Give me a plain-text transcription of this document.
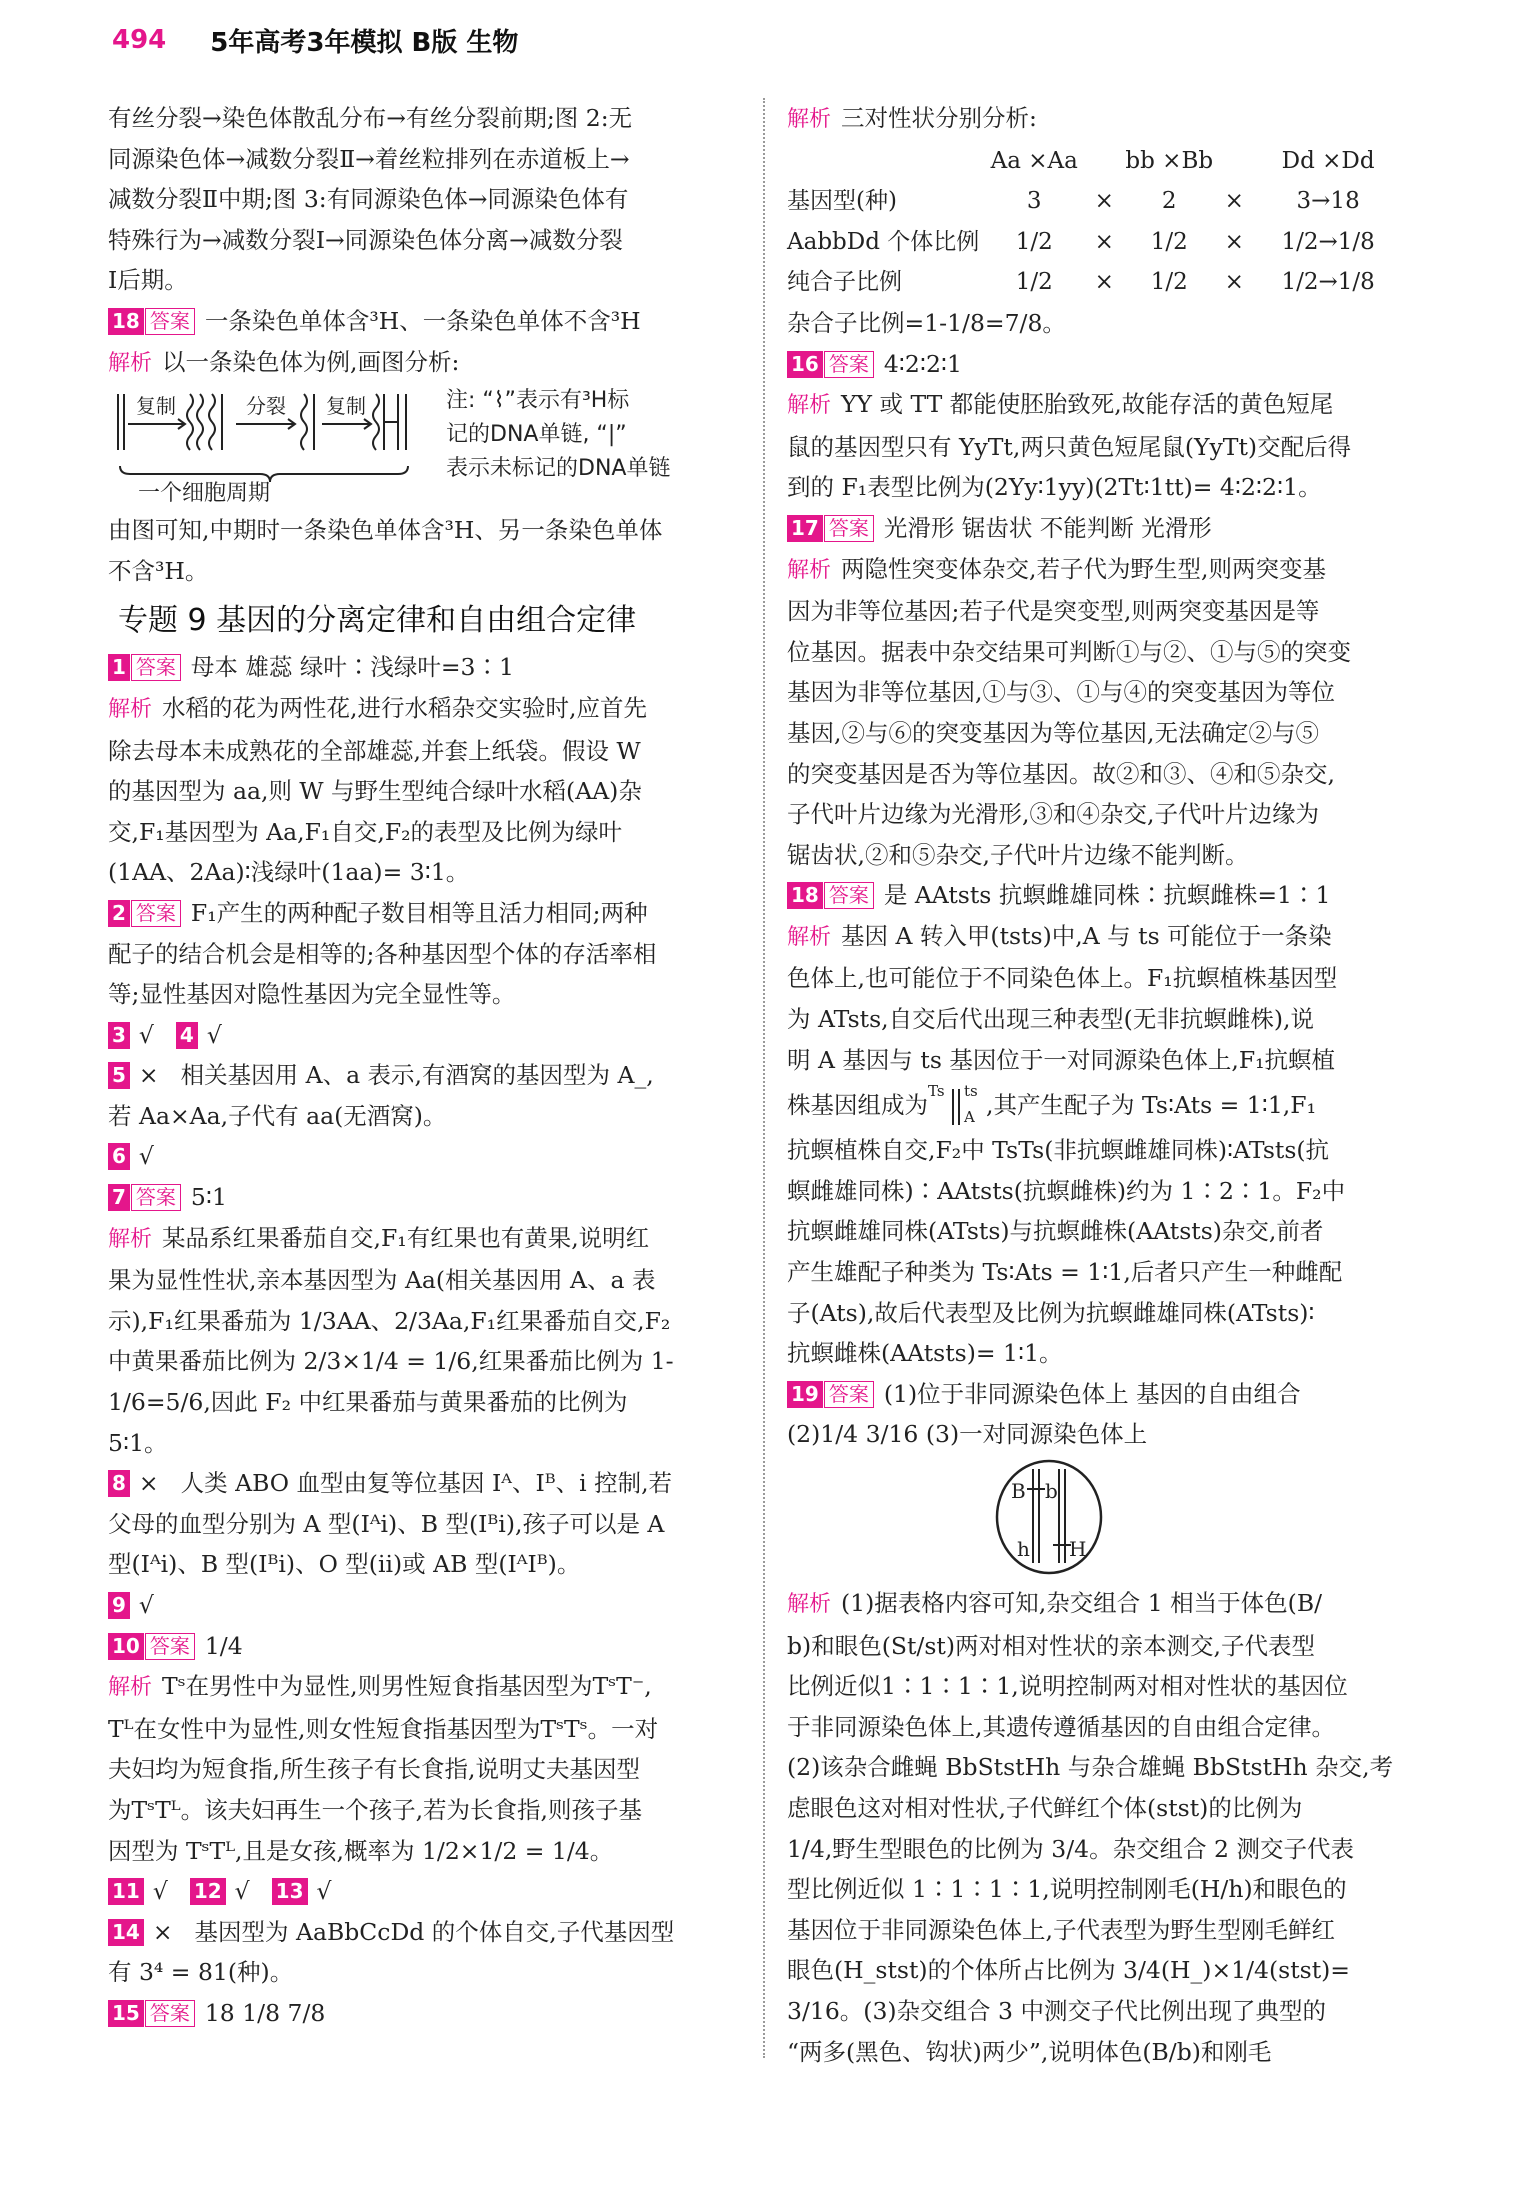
494 5年高考3年模拟 B版 生物

有丝分裂→染色体散乱分布→有丝分裂前期;图 2:无

同源染色体→减数分裂Ⅱ→着丝粒排列在赤道板上→

减数分裂Ⅱ中期;图 3:有同源染色体→同源染色体有

特殊行为→减数分裂Ⅰ→同源染色体分离→减数分裂

Ⅰ后期。

18 答案 一条染色单体含³H、一条染色单体不含³H

解析 以一条染色体为例,画图分析:

复制	分裂 复制	注: “⌇”表示有³H标
记的DNA单链, “|”
表示未标记的DNA单链
一个细胞周期

由图可知,中期时一条染色单体含³H、另一条染色单体

不含³H。

专题 9 基因的分离定律和自由组合定律

1 答案 母本 雄蕊 绿叶∶浅绿叶=3∶1

解析 水稻的花为两性花,进行水稻杂交实验时,应首先

除去母本未成熟花的全部雄蕊,并套上纸袋。假设 W

的基因型为 aa,则 W 与野生型纯合绿叶水稻(AA)杂

交,F₁基因型为 Aa,F₁自交,F₂的表型及比例为绿叶

(1AA、2Aa)∶浅绿叶(1aa)= 3∶1。

2 答案 F₁产生的两种配子数目相等且活力相同;两种

配子的结合机会是相等的;各种基因型个体的存活率相

等;显性基因对隐性基因为完全显性等。

3 √ 4 √

5 × 相关基因用 A、a 表示,有酒窝的基因型为 A_,

若 Aa×Aa,子代有 aa(无酒窝)。

6 √

7 答案 5∶1

解析 某品系红果番茄自交,F₁有红果也有黄果,说明红

果为显性性状,亲本基因型为 Aa(相关基因用 A、a 表

示),F₁红果番茄为 1/3AA、2/3Aa,F₁红果番茄自交,F₂

中黄果番茄比例为 2/3×1/4 = 1/6,红果番茄比例为 1-

1/6=5/6,因此 F₂ 中红果番茄与黄果番茄的比例为

5∶1。

8 × 人类 ABO 血型由复等位基因 Iᴬ、Iᴮ、i 控制,若

父母的血型分别为 A 型(Iᴬi)、B 型(Iᴮi),孩子可以是 A

型(Iᴬi)、B 型(Iᴮi)、O 型(ii)或 AB 型(IᴬIᴮ)。

9 √

10 答案 1/4

解析 Tˢ在男性中为显性,则男性短食指基因型为TˢT⁻,

Tᴸ在女性中为显性,则女性短食指基因型为TˢTˢ。一对

夫妇均为短食指,所生孩子有长食指,说明丈夫基因型

为TˢTᴸ。该夫妇再生一个孩子,若为长食指,则孩子基

因型为 TˢTᴸ,且是女孩,概率为 1/2×1/2 = 1/4。

11 √ 12 √ 13 √

14 × 基因型为 AaBbCcDd 的个体自交,子代基因型

有 3⁴ = 81(种)。

15 答案 18 1/8 7/8

解析 三对性状分别分析:

	Aa ×Aa		bb ×Bb		Dd ×Dd
基因型(种)	3	×	2	×	3→18
AabbDd 个体比例	1/2	×	1/2	×	1/2→1/8
纯合子比例	1/2	×	1/2	×	1/2→1/8

杂合子比例=1-1/8=7/8。

16 答案 4∶2∶2∶1

解析 YY 或 TT 都能使胚胎致死,故能存活的黄色短尾

鼠的基因型只有 YyTt,两只黄色短尾鼠(YyTt)交配后得

到的 F₁表型比例为(2Yy∶1yy)(2Tt∶1tt)= 4∶2∶2∶1。

17 答案 光滑形 锯齿状 不能判断 光滑形

解析 两隐性突变体杂交,若子代为野生型,则两突变基

因为非等位基因;若子代是突变型,则两突变基因是等

位基因。据表中杂交结果可判断①与②、①与⑤的突变

基因为非等位基因,①与③、①与④的突变基因为等位

基因,②与⑥的突变基因为等位基因,无法确定②与⑤

的突变基因是否为等位基因。故②和③、④和⑤杂交,

子代叶片边缘为光滑形,③和④杂交,子代叶片边缘为

锯齿状,②和⑤杂交,子代叶片边缘不能判断。

18 答案 是 AAtsts 抗螟雌雄同株∶抗螟雌株=1∶1

解析 基因 A 转入甲(tsts)中,A 与 ts 可能位于一条染

色体上,也可能位于不同染色体上。F₁抗螟植株基因型

为 ATsts,自交后代出现三种表型(无非抗螟雌株),说

明 A 基因与 ts 基因位于一对同源染色体上,F₁抗螟植

株基因组成为
Ts ts
A ,其产生配子为 Ts∶Ats = 1∶1,F₁

抗螟植株自交,F₂中 TsTs(非抗螟雌雄同株)∶ATsts(抗

螟雌雄同株)∶AAtsts(抗螟雌株)约为 1∶2∶1。F₂中

抗螟雌雄同株(ATsts)与抗螟雌株(AAtsts)杂交,前者

产生雄配子种类为 Ts∶Ats = 1∶1,后者只产生一种雌配

子(Ats),故后代表型及比例为抗螟雌雄同株(ATsts)∶

抗螟雌株(AAtsts)= 1∶1。

19 答案 (1)位于非同源染色体上 基因的自由组合

(2)1/4 3/16 (3)一对同源染色体上

B b
h H

解析 (1)据表格内容可知,杂交组合 1 相当于体色(B/

b)和眼色(St/st)两对相对性状的亲本测交,子代表型

比例近似1∶1∶1∶1,说明控制两对相对性状的基因位

于非同源染色体上,其遗传遵循基因的自由组合定律。

(2)该杂合雌蝇 BbStstHh 与杂合雄蝇 BbStstHh 杂交,考

虑眼色这对相对性状,子代鲜红个体(stst)的比例为

1/4,野生型眼色的比例为 3/4。杂交组合 2 测交子代表

型比例近似 1∶1∶1∶1,说明控制刚毛(H/h)和眼色的

基因位于非同源染色体上,子代表型为野生型刚毛鲜红

眼色(H_stst)的个体所占比例为 3/4(H_)×1/4(stst)=

3/16。(3)杂交组合 3 中测交子代比例出现了典型的

“两多(黑色、钩状)两少”,说明体色(B/b)和刚毛
